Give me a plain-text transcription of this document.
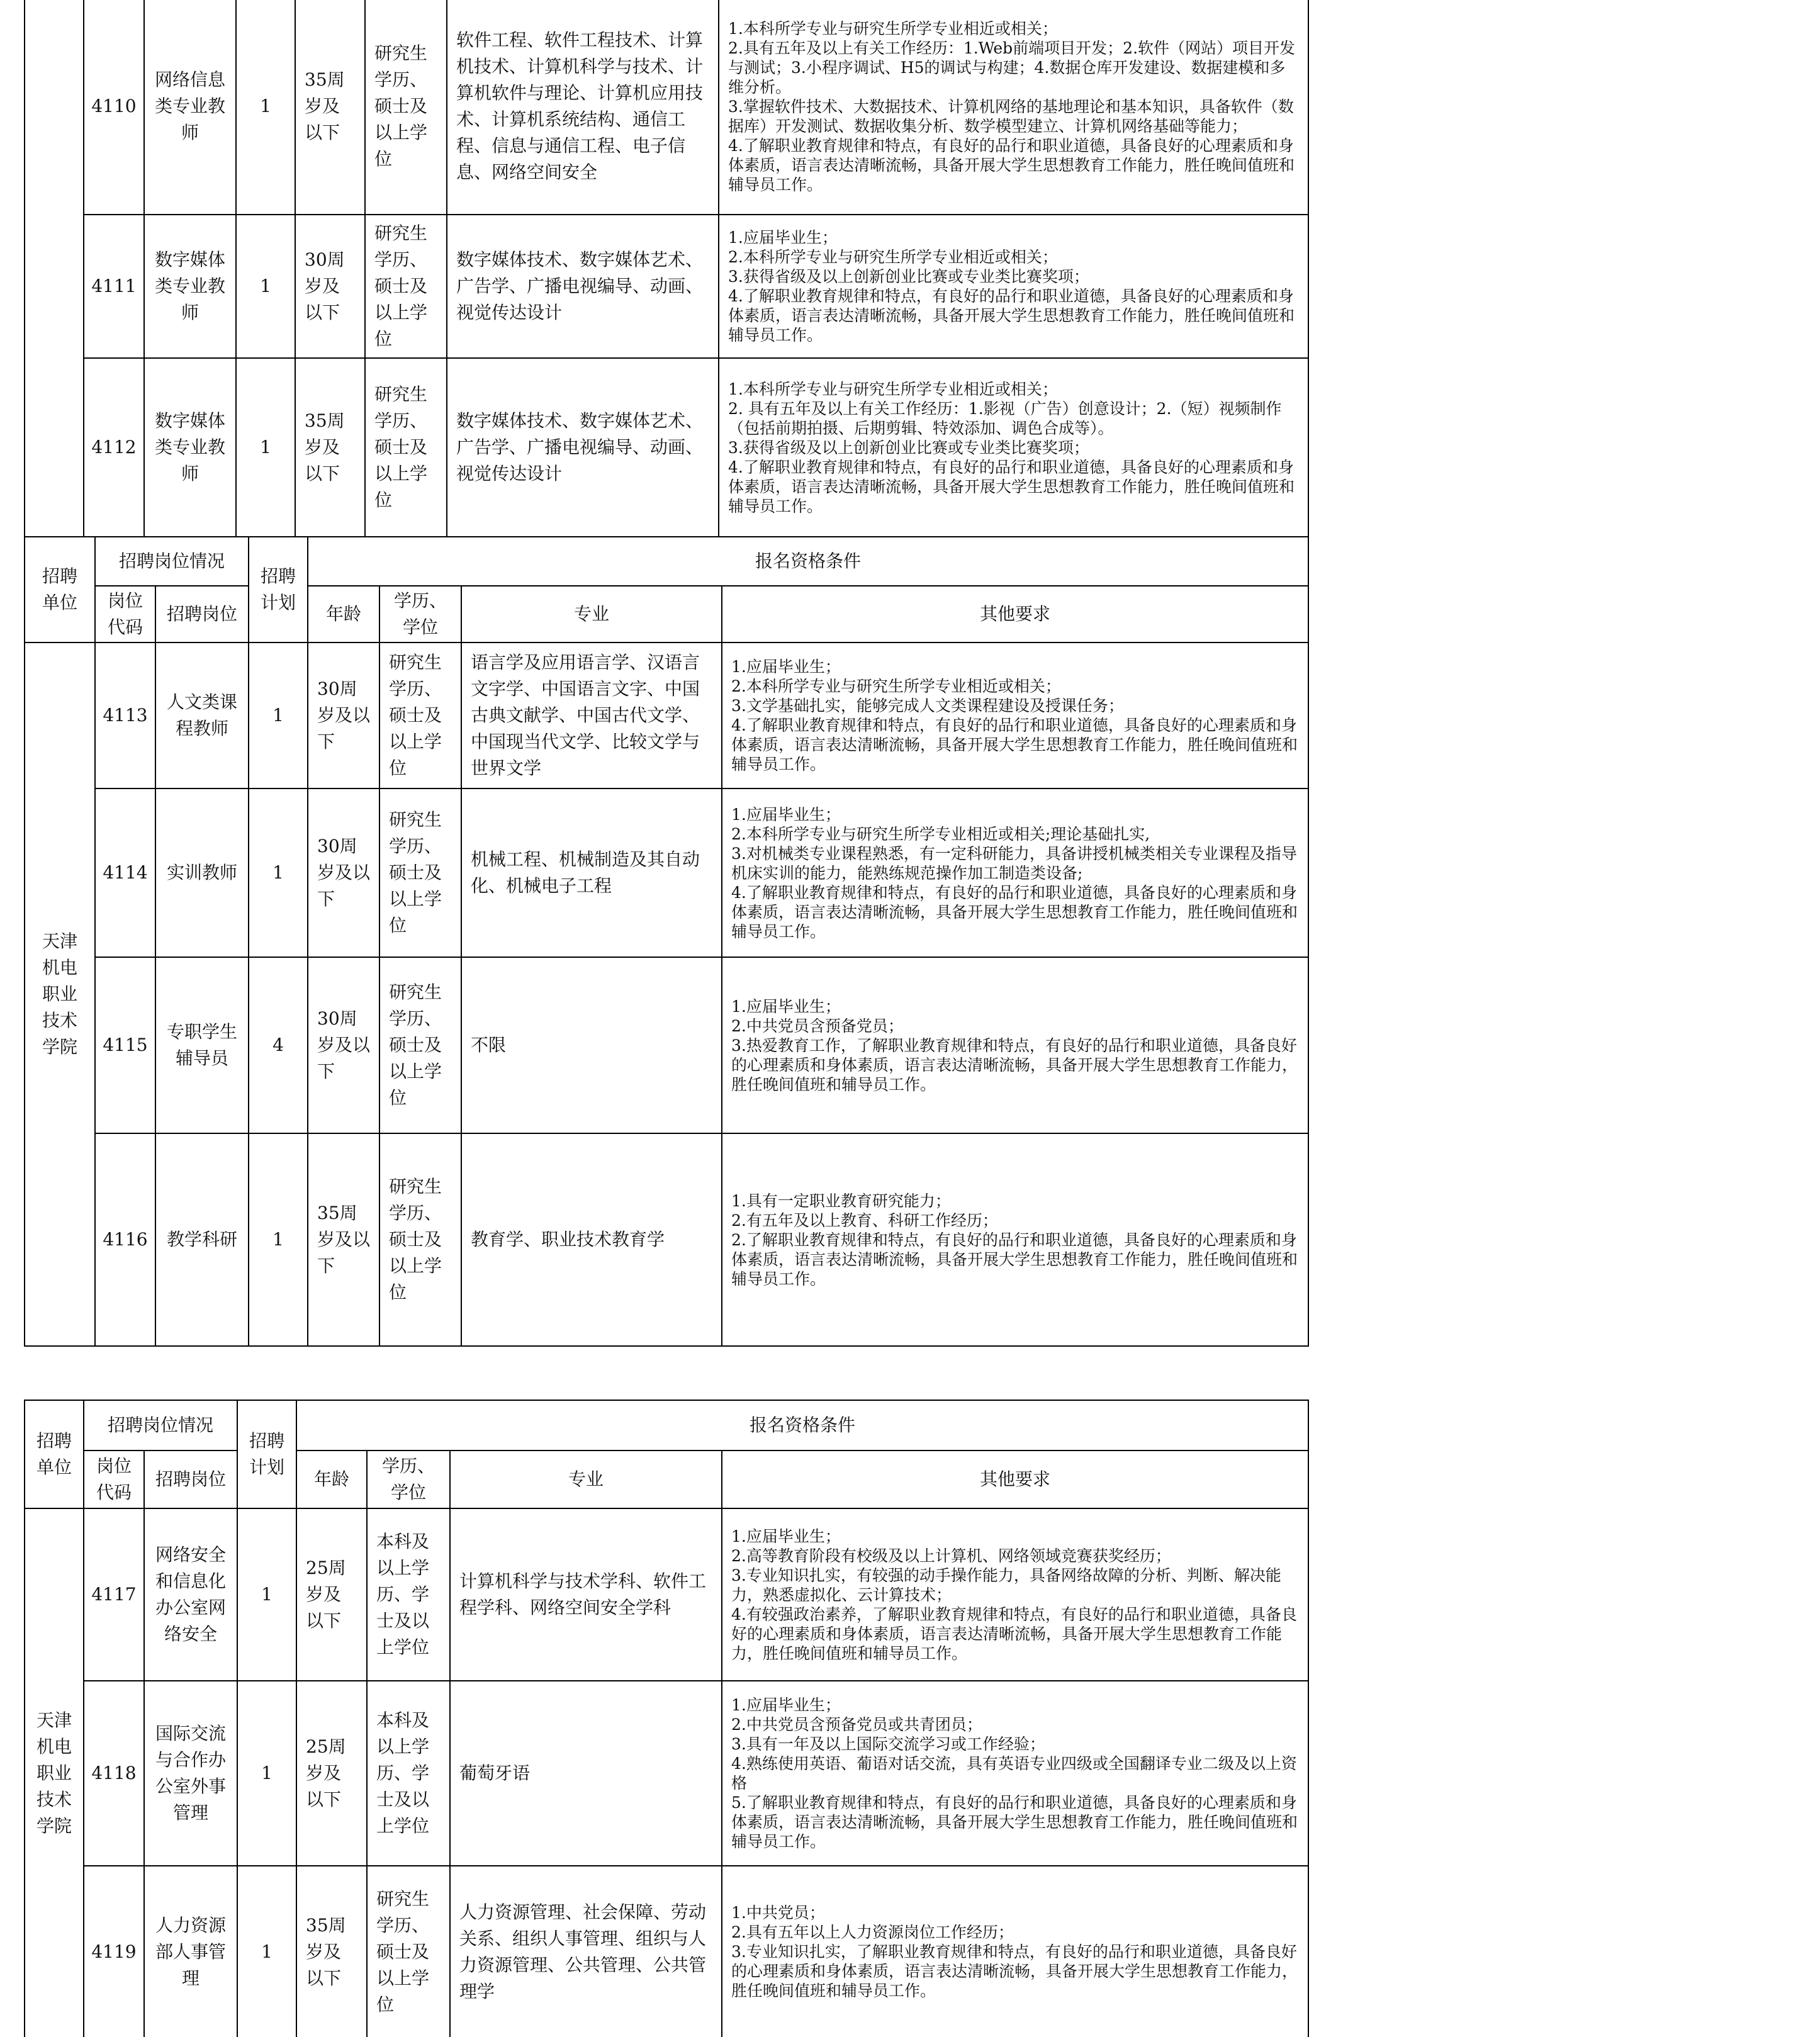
	4110	网络信息类专业教师	1	35周岁及以下	研究生学历、硕士及以上学位	软件工程、软件工程技术、计算机技术、计算机科学与技术、计算机软件与理论、计算机应用技术、计算机系统结构、通信工程、信息与通信工程、电子信息、网络空间安全	1.本科所学专业与研究生所学专业相近或相关；
2.具有五年及以上有关工作经历：1.Web前端项目开发；2.软件（网站）项目开发与测试；3.小程序调试、H5的调试与构建；4.数据仓库开发建设、数据建模和多维分析。
3.掌握软件技术、大数据技术、计算机网络的基地理论和基本知识，具备软件（数据库）开发测试、数据收集分析、数学模型建立、计算机网络基础等能力；
4.了解职业教育规律和特点，有良好的品行和职业道德，具备良好的心理素质和身体素质，语言表达清晰流畅，具备开展大学生思想教育工作能力，胜任晚间值班和辅导员工作。

	4111	数字媒体类专业教师	1	30周岁及以下	研究生学历、硕士及以上学位	数字媒体技术、数字媒体艺术、广告学、广播电视编导、动画、视觉传达设计	1.应届毕业生；
2.本科所学专业与研究生所学专业相近或相关；
3.获得省级及以上创新创业比赛或专业类比赛奖项；
4.了解职业教育规律和特点，有良好的品行和职业道德，具备良好的心理素质和身体素质，语言表达清晰流畅，具备开展大学生思想教育工作能力，胜任晚间值班和辅导员工作。

	4112	数字媒体类专业教师	1	35周岁及以下	研究生学历、硕士及以上学位	数字媒体技术、数字媒体艺术、广告学、广播电视编导、动画、视觉传达设计	1.本科所学专业与研究生所学专业相近或相关；
2. 具有五年及以上有关工作经历：1.影视（广告）创意设计；2.（短）视频制作（包括前期拍摄、后期剪辑、特效添加、调色合成等）。
3.获得省级及以上创新创业比赛或专业类比赛奖项；
4.了解职业教育规律和特点，有良好的品行和职业道德，具备良好的心理素质和身体素质，语言表达清晰流畅，具备开展大学生思想教育工作能力，胜任晚间值班和辅导员工作。
招聘单位	招聘岗位情况		招聘计划	报名资格条件			
	岗位代码	招聘岗位		年龄	学历、学位	专业	其他要求
天津机电职业技术学院	4113	人文类课程教师	1	30周岁及以下	研究生学历、硕士及以上学位	语言学及应用语言学、汉语言文字学、中国语言文字、中国古典文献学、中国古代文学、中国现当代文学、比较文学与世界文学	1.应届毕业生；
2.本科所学专业与研究生所学专业相近或相关；
3.文学基础扎实，能够完成人文类课程建设及授课任务；
4.了解职业教育规律和特点，有良好的品行和职业道德，具备良好的心理素质和身体素质，语言表达清晰流畅，具备开展大学生思想教育工作能力，胜任晚间值班和辅导员工作。

	4114	实训教师	1	30周岁及以下	研究生学历、硕士及以上学位	机械工程、机械制造及其自动化、机械电子工程	1.应届毕业生；
2.本科所学专业与研究生所学专业相近或相关;理论基础扎实,
3.对机械类专业课程熟悉，有一定科研能力，具备讲授机械类相关专业课程及指导机床实训的能力，能熟练规范操作加工制造类设备;
4.了解职业教育规律和特点，有良好的品行和职业道德，具备良好的心理素质和身体素质，语言表达清晰流畅，具备开展大学生思想教育工作能力，胜任晚间值班和辅导员工作。

	4115	专职学生辅导员	4	30周岁及以下	研究生学历、硕士及以上学位	不限	1.应届毕业生；
2.中共党员含预备党员；
3.热爱教育工作，了解职业教育规律和特点，有良好的品行和职业道德，具备良好的心理素质和身体素质，语言表达清晰流畅，具备开展大学生思想教育工作能力，胜任晚间值班和辅导员工作。

	4116	教学科研	1	35周岁及以下	研究生学历、硕士及以上学位	教育学、职业技术教育学	1.具有一定职业教育研究能力；
2.有五年及以上教育、科研工作经历；
2.了解职业教育规律和特点，有良好的品行和职业道德，具备良好的心理素质和身体素质，语言表达清晰流畅，具备开展大学生思想教育工作能力，胜任晚间值班和辅导员工作。
招聘单位	招聘岗位情况		招聘计划	报名资格条件			
	岗位代码	招聘岗位		年龄	学历、学位	专业	其他要求
天津机电职业技术学院	4117	网络安全和信息化办公室网络安全	1	25周岁及以下	本科及以上学历、学士及以上学位	计算机科学与技术学科、软件工程学科、网络空间安全学科	1.应届毕业生；
2.高等教育阶段有校级及以上计算机、网络领域竞赛获奖经历；
3.专业知识扎实，有较强的动手操作能力，具备网络故障的分析、判断、解决能力，熟悉虚拟化、云计算技术；
4.有较强政治素养，了解职业教育规律和特点，有良好的品行和职业道德，具备良好的心理素质和身体素质，语言表达清晰流畅，具备开展大学生思想教育工作能力，胜任晚间值班和辅导员工作。

	4118	国际交流与合作办公室外事管理	1	25周岁及以下	本科及以上学历、学士及以上学位	葡萄牙语	1.应届毕业生；
2.中共党员含预备党员或共青团员；
3.具有一年及以上国际交流学习或工作经验；
4.熟练使用英语、葡语对话交流，具有英语专业四级或全国翻译专业二级及以上资格
5.了解职业教育规律和特点，有良好的品行和职业道德，具备良好的心理素质和身体素质，语言表达清晰流畅，具备开展大学生思想教育工作能力，胜任晚间值班和辅导员工作。

	4119	人力资源部人事管理	1	35周岁及以下	研究生学历、硕士及以上学位	人力资源管理、社会保障、劳动关系、组织人事管理、组织与人力资源管理、公共管理、公共管理学	1.中共党员；
2.具有五年以上人力资源岗位工作经历；
3.专业知识扎实，了解职业教育规律和特点，有良好的品行和职业道德，具备良好的心理素质和身体素质，语言表达清晰流畅，具备开展大学生思想教育工作能力，胜任晚间值班和辅导员工作。
